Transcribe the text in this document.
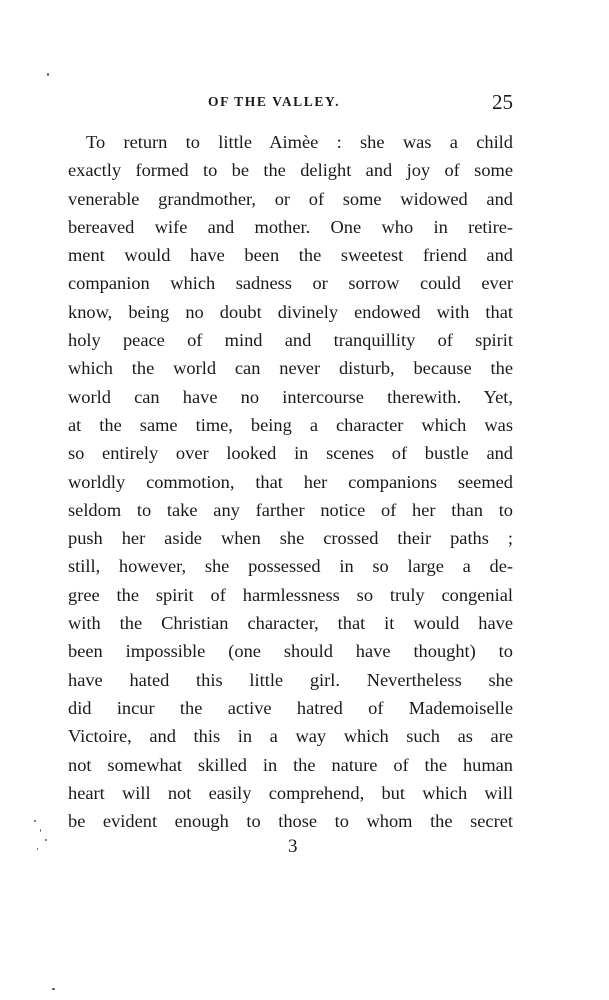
OF THE VALLEY.	25
To return to little Aimèe : she was a child
exactly formed to be the delight and joy of some
venerable grandmother, or of some widowed and
bereaved wife and mother. One who in retire-
ment would have been the sweetest friend and
companion which sadness or sorrow could ever
know, being no doubt divinely endowed with that
holy peace of mind and tranquillity of spirit
which the world can never disturb, because the
world can have no intercourse therewith. Yet,
at the same time, being a character which was
so entirely over looked in scenes of bustle and
worldly commotion, that her companions seemed
seldom to take any farther notice of her than to
push her aside when she crossed their paths ;
still, however, she possessed in so large a de-
gree the spirit of harmlessness so truly congenial
with the Christian character, that it would have
been impossible (one should have thought) to
have hated this little girl. Nevertheless she
did incur the active hatred of Mademoiselle
Victoire, and this in a way which such as are
not somewhat skilled in the nature of the human
heart will not easily comprehend, but which will
be evident enough to those to whom the secret
3
